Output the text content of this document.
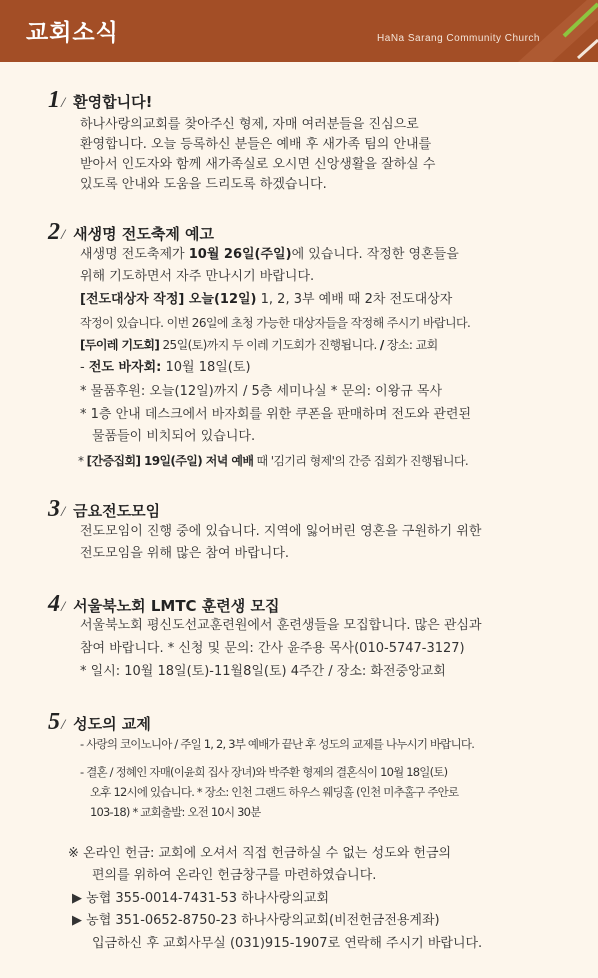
교회소식	HaNa Sarang Community Church
1 / 환영합니다!
하나사랑의교회를 찾아주신 형제, 자매 여러분들을 진심으로
환영합니다. 오늘 등록하신 분들은 예배 후 새가족 팀의 안내를
받아서 인도자와 함께 새가족실로 오시면 신앙생활을 잘하실 수
있도록 안내와 도움을 드리도록 하겠습니다.
2 / 새생명 전도축제 예고
새생명 전도축제가 10월 26일(주일)에 있습니다. 작정한 영혼들을
위해 기도하면서 자주 만나시기 바랍니다.
[전도대상자 작정] 오늘(12일) 1, 2, 3부 예배 때 2차 전도대상자
작정이 있습니다. 이번 26일에 초청 가능한 대상자들을 작정해 주시기 바랍니다.
[두이레 기도회] 25일(토)까지 두 이레 기도회가 진행됩니다. / 장소: 교회
- 전도 바자회: 10월 18일(토)
* 물품후원: 오늘(12일)까지 / 5층 세미나실 * 문의: 이왕규 목사
* 1층 안내 데스크에서 바자회를 위한 쿠폰을 판매하며 전도와 관련된
물품들이 비치되어 있습니다.
* [간증집회] 19일(주일) 저녁 예배 때 '김기리 형제'의 간증 집회가 진행됩니다.
3 / 금요전도모임
전도모임이 진행 중에 있습니다. 지역에 잃어버린 영혼을 구원하기 위한
전도모임을 위해 많은 참여 바랍니다.
4 / 서울북노회 LMTC 훈련생 모집
서울북노회 평신도선교훈련원에서 훈련생들을 모집합니다. 많은 관심과
참여 바랍니다. * 신청 및 문의: 간사 윤주용 목사(010-5747-3127)
* 일시: 10월 18일(토)-11월8일(토) 4주간 / 장소: 화전중앙교회
5 / 성도의 교제
- 사랑의 코이노니아 / 주일 1, 2, 3부 예배가 끝난 후 성도의 교제를 나누시기 바랍니다.
- 결혼 / 정혜인 자매(이윤희 집사 장녀)와 박주환 형제의 결혼식이 10월 18일(토)
오후 12시에 있습니다. * 장소: 인천 그랜드 하우스 웨딩홀 (인천 미추홀구 주안로
103-18) * 교회출발: 오전 10시 30분
※ 온라인 헌금: 교회에 오셔서 직접 헌금하실 수 없는 성도와 헌금의
편의를 위하여 온라인 헌금창구를 마련하였습니다.
▶ 농협 355-0014-7431-53 하나사랑의교회
▶ 농협 351-0652-8750-23 하나사랑의교회(비전헌금전용계좌)
입금하신 후 교회사무실 (031)915-1907로 연락해 주시기 바랍니다.
